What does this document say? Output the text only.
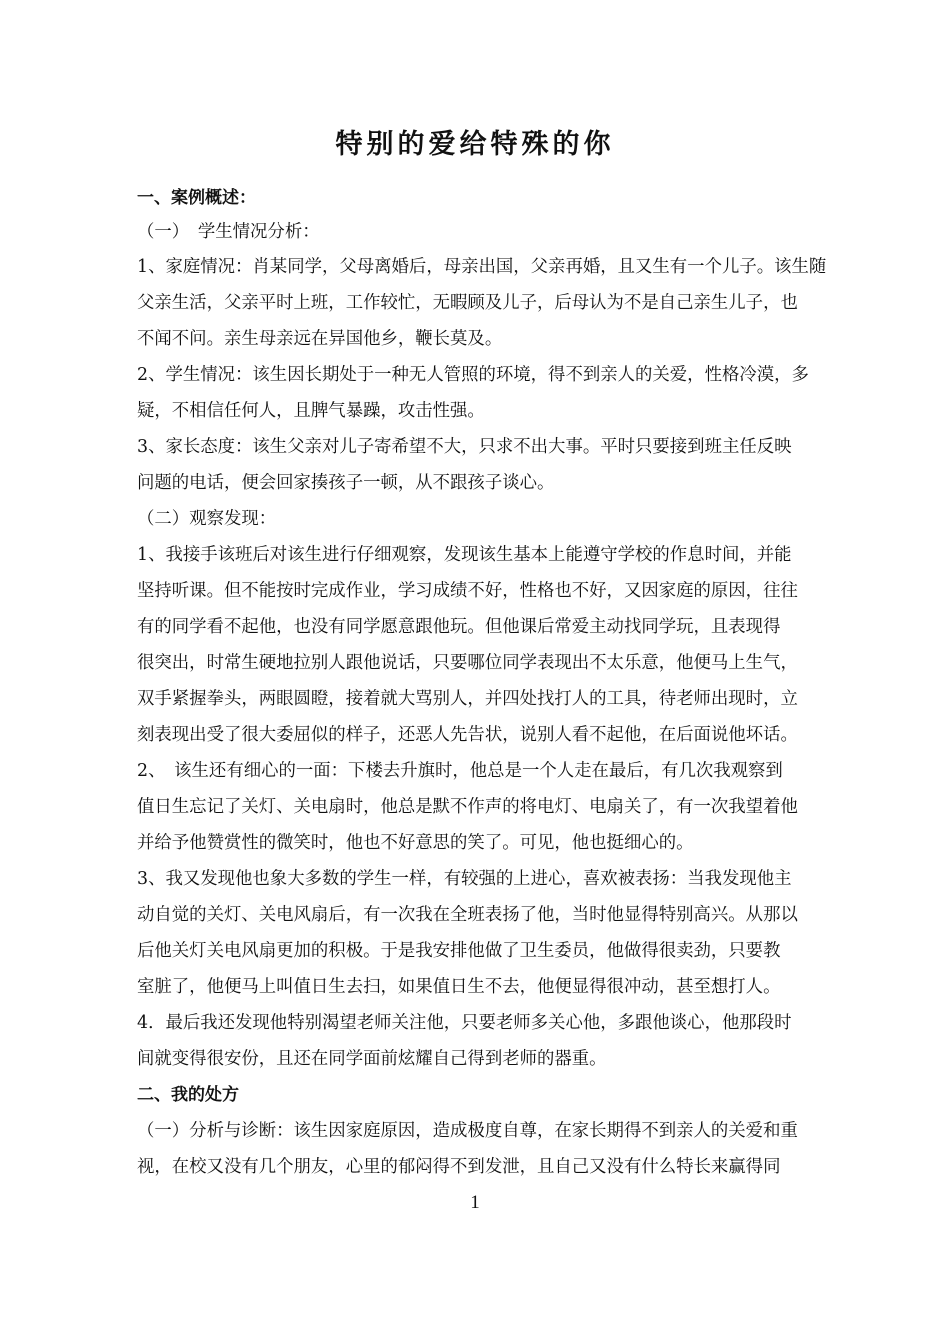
特别的爱给特殊的你

一、案例概述：

（一）　学生情况分析：

1、家庭情况：肖某同学，父母离婚后，母亲出国，父亲再婚，且又生有一个儿子。该生随

父亲生活，父亲平时上班，工作较忙，无暇顾及儿子，后母认为不是自己亲生儿子，也

不闻不问。亲生母亲远在异国他乡，鞭长莫及。

2、学生情况：该生因长期处于一种无人管照的环境，得不到亲人的关爱，性格冷漠，多

疑，不相信任何人，且脾气暴躁，攻击性强。

3、家长态度：该生父亲对儿子寄希望不大，只求不出大事。平时只要接到班主任反映

问题的电话，便会回家揍孩子一顿，从不跟孩子谈心。

（二）观察发现：

1、我接手该班后对该生进行仔细观察，发现该生基本上能遵守学校的作息时间，并能

坚持听课。但不能按时完成作业，学习成绩不好，性格也不好，又因家庭的原因，往往

有的同学看不起他，也没有同学愿意跟他玩。但他课后常爱主动找同学玩，且表现得

很突出，时常生硬地拉别人跟他说话，只要哪位同学表现出不太乐意，他便马上生气，

双手紧握拳头，两眼圆瞪，接着就大骂别人，并四处找打人的工具，待老师出现时，立

刻表现出受了很大委屈似的样子，还恶人先告状，说别人看不起他，在后面说他坏话。

2、　该生还有细心的一面：下楼去升旗时，他总是一个人走在最后，有几次我观察到

值日生忘记了关灯、关电扇时，他总是默不作声的将电灯、电扇关了，有一次我望着他

并给予他赞赏性的微笑时，他也不好意思的笑了。可见，他也挺细心的。

3、我又发现他也象大多数的学生一样，有较强的上进心，喜欢被表扬：当我发现他主

动自觉的关灯、关电风扇后，有一次我在全班表扬了他，当时他显得特别高兴。从那以

后他关灯关电风扇更加的积极。于是我安排他做了卫生委员，他做得很卖劲，只要教

室脏了，他便马上叫值日生去扫，如果值日生不去，他便显得很冲动，甚至想打人。

4．最后我还发现他特别渴望老师关注他，只要老师多关心他，多跟他谈心，他那段时

间就变得很安份，且还在同学面前炫耀自己得到老师的器重。

二、我的处方

（一）分析与诊断：该生因家庭原因，造成极度自尊，在家长期得不到亲人的关爱和重

视，在校又没有几个朋友，心里的郁闷得不到发泄，且自己又没有什么特长来赢得同

1
